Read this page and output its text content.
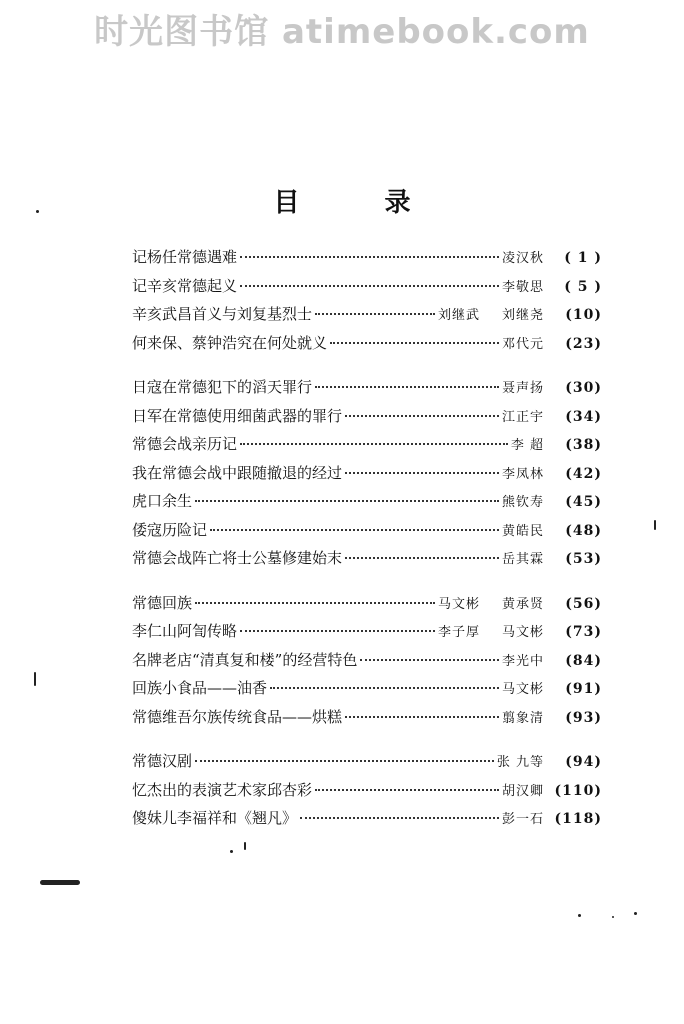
时光图书馆 atimebook.com
目 录
记杨任常德遇难	凌汉秋	( 1 )
记辛亥常德起义	李敬思	( 5 )
辛亥武昌首义与刘复基烈士	刘继武 刘继尧	(10)
何来保、蔡钟浩究在何处就义	邓代元	(23)
日寇在常德犯下的滔天罪行	聂声扬	(30)
日军在常德使用细菌武器的罪行	江正宇	(34)
常德会战亲历记	李 超	(38)
我在常德会战中跟随撤退的经过	李凤林	(42)
虎口余生	熊钦寿	(45)
倭寇历险记	黄皓民	(48)
常德会战阵亡将士公墓修建始末	岳其霖	(53)
常德回族	马文彬 黄承贤	(56)
李仁山阿訇传略	李子厚 马文彬	(73)
名牌老店“清真复和楼”的经营特色	李光中	(84)
回族小食品——油香	马文彬	(91)
常德维吾尔族传统食品——烘糕	翦象清	(93)
常德汉剧	张 九等	(94)
忆杰出的表演艺术家邱杏彩	胡汉卿 (110)
傻妹儿李福祥和《翘凡》	彭一石 (118)
